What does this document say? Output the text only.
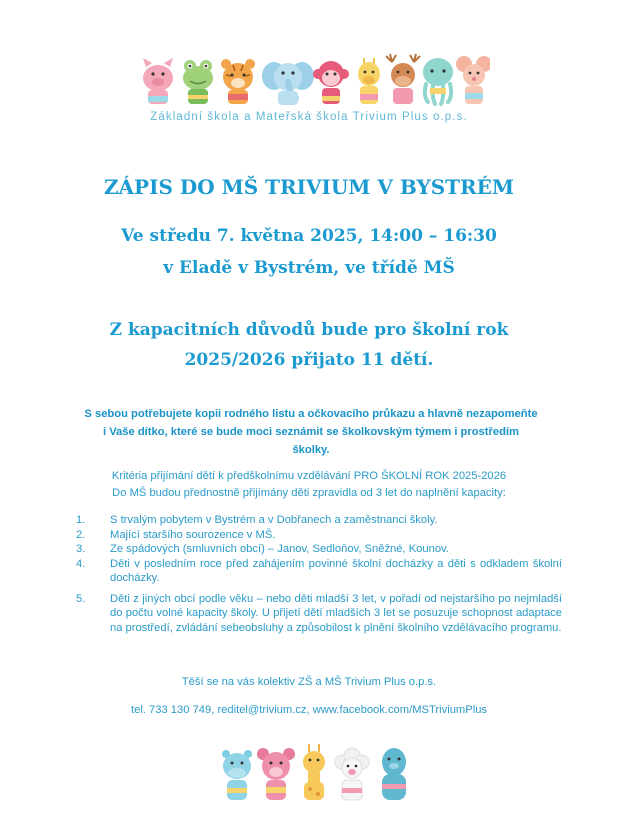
Základní škola a Mateřská škola Trivium Plus o.p.s.
ZÁPIS DO MŠ TRIVIUM V BYSTRÉM
Ve středu 7. května 2025, 14:00 – 16:30
v Eladě v Bystrém, ve třídě MŠ
Z kapacitních důvodů bude pro školní rok
2025/2026 přijato 11 dětí.
S sebou potřebujete kopii rodného listu a očkovacího průkazu a hlavně nezapomeňte i Vaše dítko, které se bude moci seznámit se školkovským týmem i prostředím školky.
Kritéria přijímání dětí k předškolnímu vzdělávání PRO ŠKOLNÍ ROK 2025-2026
Do MŠ budou přednostně přijímány děti zpravidla od 3 let do naplnění kapacity:
1.	S trvalým pobytem v Bystrém a v Dobřanech a zaměstnanci školy.
2.	Mající staršího sourozence v MŠ.
3.	Ze spádových (smluvních obcí) – Janov, Sedloňov, Sněžné, Kounov.
4.	Děti v posledním roce před zahájením povinné školní docházky a děti s odkladem školní docházky.
5.	Děti z jiných obcí podle věku – nebo děti mladší 3 let, v pořadí od nejstaršího po nejmladší do počtu volné kapacity školy. U přijetí dětí mladších 3 let se posuzuje schopnost adaptace na prostředí, zvládání sebeobsluhy a způsobilost k plnění školního vzdělávacího programu.
Těší se na vás kolektiv ZŠ a MŠ Trivium Plus o.p.s.
tel. 733 130 749, reditel@trivium.cz, www.facebook.com/MSTriviumPlus
